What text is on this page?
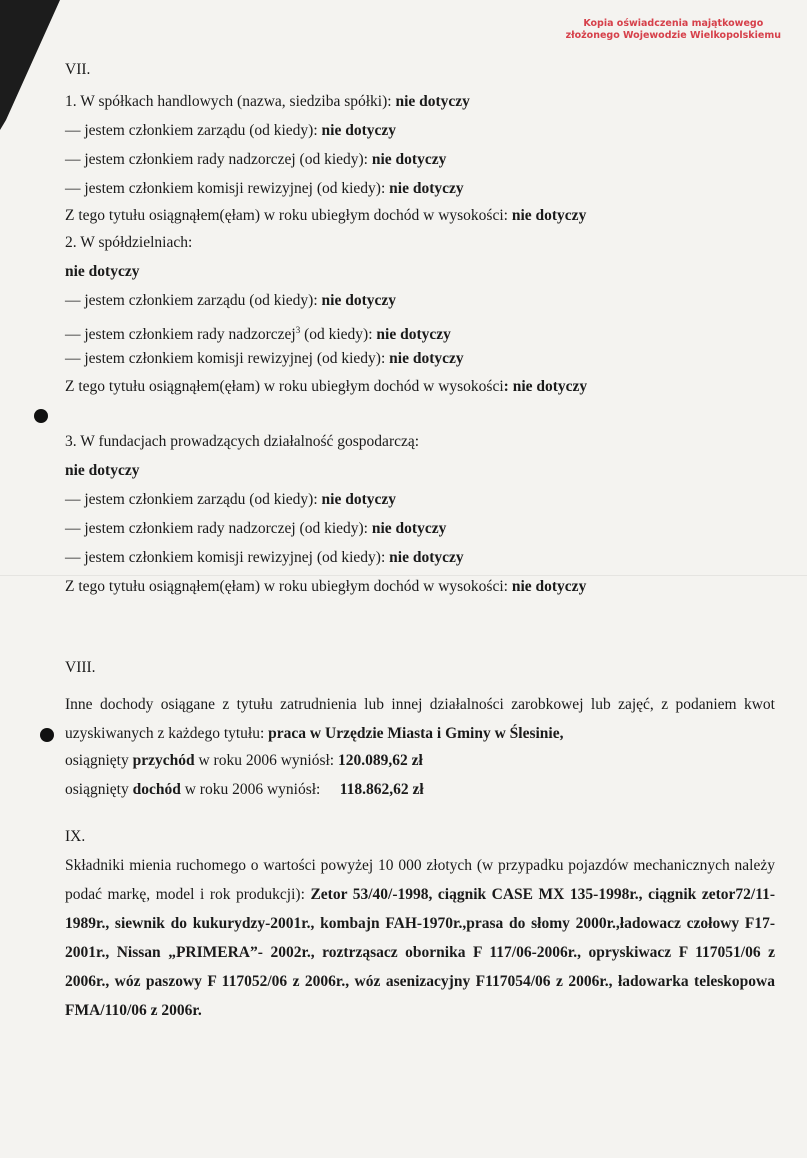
Kopia oświadczenia majątkowego
złożonego Wojewodzie Wielkopolskiemu
VII.
1. W spółkach handlowych (nazwa, siedziba spółki): nie dotyczy
— jestem członkiem zarządu (od kiedy): nie dotyczy
— jestem członkiem rady nadzorczej (od kiedy): nie dotyczy
— jestem członkiem komisji rewizyjnej (od kiedy): nie dotyczy
Z tego tytułu osiągnąłem(ęłam) w roku ubiegłym dochód w wysokości: nie dotyczy
2. W spółdzielniach:
nie dotyczy
— jestem członkiem zarządu (od kiedy): nie dotyczy
— jestem członkiem rady nadzorczej$^3$ (od kiedy): nie dotyczy
— jestem członkiem komisji rewizyjnej (od kiedy): nie dotyczy
Z tego tytułu osiągnąłem(ęłam) w roku ubiegłym dochód w wysokości: nie dotyczy
3. W fundacjach prowadzących działalność gospodarczą:
nie dotyczy
— jestem członkiem zarządu (od kiedy): nie dotyczy
— jestem członkiem rady nadzorczej (od kiedy): nie dotyczy
— jestem członkiem komisji rewizyjnej (od kiedy): nie dotyczy
Z tego tytułu osiągnąłem(ęłam) w roku ubiegłym dochód w wysokości: nie dotyczy
VIII.
Inne dochody osiągane z tytułu zatrudnienia lub innej działalności zarobkowej lub zajęć, z podaniem kwot uzyskiwanych z każdego tytułu: praca w Urzędzie Miasta i Gminy w Ślesinie,
osiągnięty przychód w roku 2006 wyniósł: 120.089,62 zł
osiągnięty dochód w roku 2006 wyniósł: 118.862,62 zł
IX.
Składniki mienia ruchomego o wartości powyżej 10 000 złotych (w przypadku pojazdów mechanicznych należy podać markę, model i rok produkcji): Zetor 53/40/-1998, ciągnik CASE MX 135-1998r., ciągnik zetor72/11-1989r., siewnik do kukurydzy-2001r., kombajn FAH-1970r.,prasa do słomy 2000r.,ładowacz czołowy F17-2001r., Nissan „PRIMERA”- 2002r., roztrząsacz obornika F 117/06-2006r., opryskiwacz F 117051/06 z 2006r., wóz paszowy F 117052/06 z 2006r., wóz asenizacyjny F117054/06 z 2006r., ładowarka teleskopowa FMA/110/06 z 2006r.
